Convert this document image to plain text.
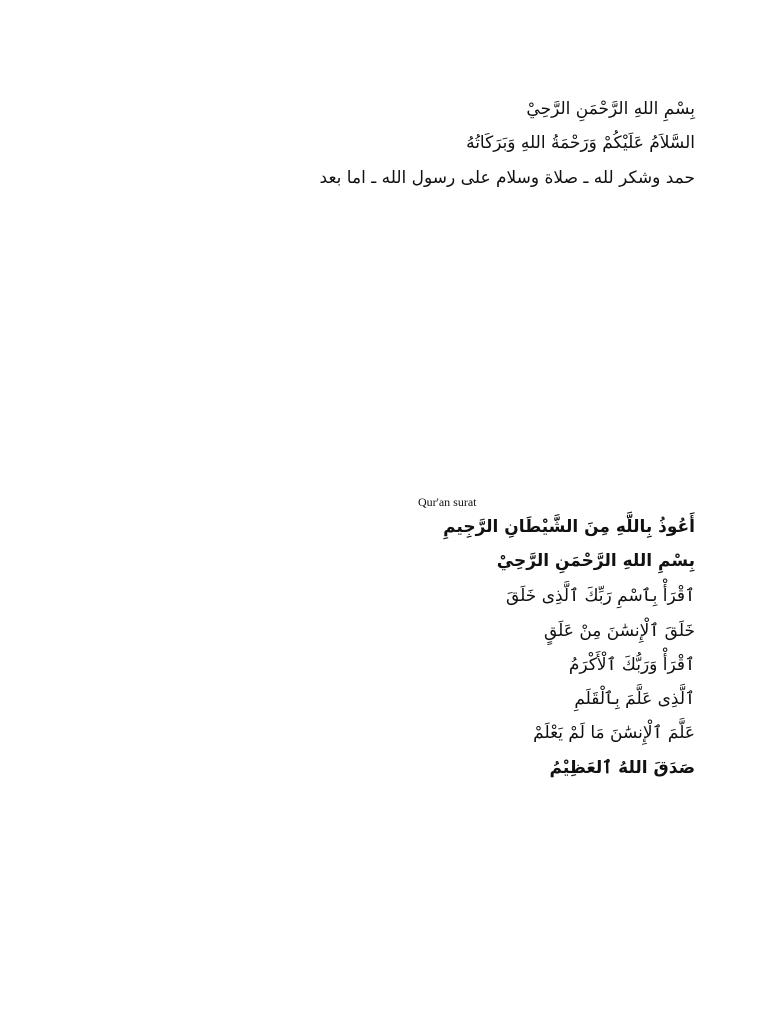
بِسْمِ اللهِ الرَّحْمَنِ الرَّحِيْ
السَّلاَمُ عَلَيْكُمْ وَرَحْمَةُ اللهِ وَبَرَكَاتُهُ
حمد وشكر لله ـ صلاة وسلام على رسول الله ـ اما بعد
Qur'an surat
أَعُوذُ بِاللَّهِ مِنَ الشَّيْطَانِ الرَّجِيمِ
بِسْمِ اللهِ الرَّحْمَنِ الرَّحِيْ
ٱقْرَأْ بِٱسْمِ رَبِّكَ ٱلَّذِى خَلَقَ
خَلَقَ ٱلْإِنسَٰنَ مِنْ عَلَقٍ
ٱقْرَأْ وَرَبُّكَ ٱلْأَكْرَمُ
ٱلَّذِى عَلَّمَ بِٱلْقَلَمِ
عَلَّمَ ٱلْإِنسَٰنَ مَا لَمْ يَعْلَمْ
صَدَقَ اللهُ ٱلعَظِيْمُ
